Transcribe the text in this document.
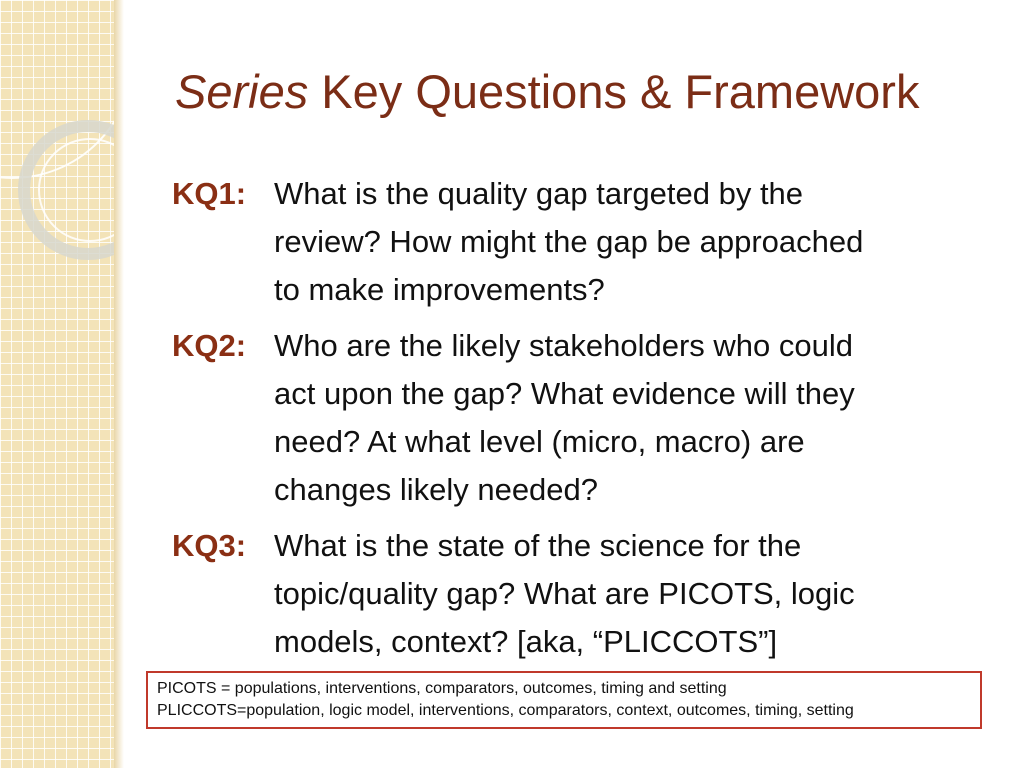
Series Key Questions & Framework
KQ1: What is the quality gap targeted by the
review? How might the gap be approached
to make improvements?
KQ2: Who are the likely stakeholders who could
act upon the gap? What evidence will they
need? At what level (micro, macro) are
changes likely needed?
KQ3: What is the state of the science for the
topic/quality gap? What are PICOTS, logic
models, context? [aka, “PLICCOTS”]
PICOTS = populations, interventions, comparators, outcomes, timing and setting
PLICCOTS=population, logic model, interventions, comparators, context, outcomes, timing, setting
